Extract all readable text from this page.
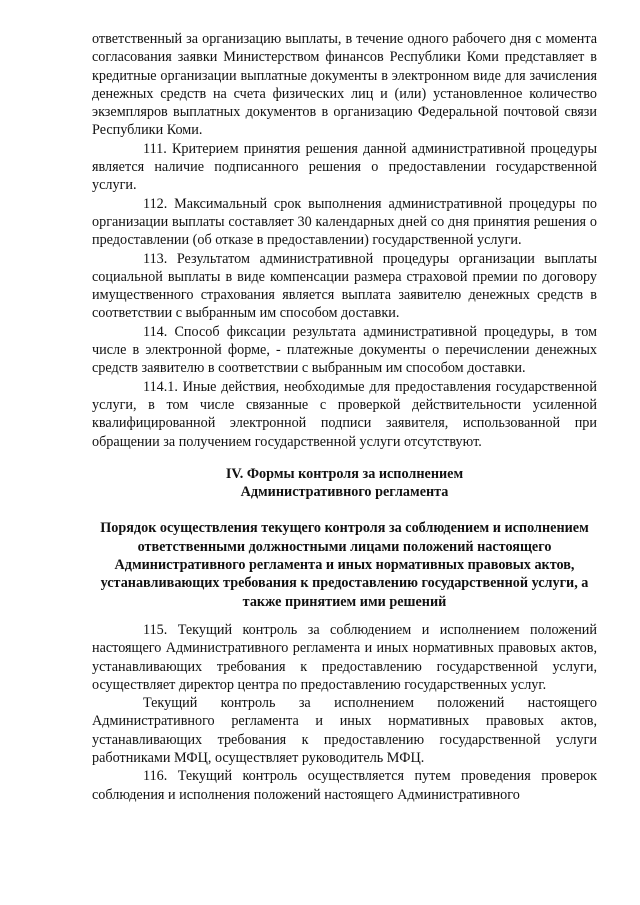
ответственный за организацию выплаты, в течение одного рабочего дня с момента согласования заявки Министерством финансов Республики Коми представляет в кредитные организации выплатные документы в электронном виде для зачисления денежных средств на счета физических лиц и (или) установленное количество экземпляров выплатных документов в организацию Федеральной почтовой связи Республики Коми.

111. Критерием принятия решения данной административной процедуры является наличие подписанного решения о предоставлении государственной услуги.

112. Максимальный срок выполнения административной процедуры по организации выплаты составляет 30 календарных дней со дня принятия решения о предоставлении (об отказе в предоставлении) государственной услуги.

113. Результатом административной процедуры организации выплаты социальной выплаты в виде компенсации размера страховой премии по договору имущественного страхования является выплата заявителю денежных средств в соответствии с выбранным им способом доставки.

114. Способ фиксации результата административной процедуры, в том числе в электронной форме, - платежные документы о перечислении денежных средств заявителю в соответствии с выбранным им способом доставки.

114.1. Иные действия, необходимые для предоставления государственной услуги, в том числе связанные с проверкой действительности усиленной квалифицированной электронной подписи заявителя, использованной при обращении за получением государственной услуги отсутствуют.

IV. Формы контроля за исполнением
Административного регламента
Порядок осуществления текущего контроля за соблюдением и исполнением ответственными должностными лицами положений настоящего Административного регламента и иных нормативных правовых актов, устанавливающих требования к предоставлению государственной услуги, а также принятием ими решений

115. Текущий контроль за соблюдением и исполнением положений настоящего Административного регламента и иных нормативных правовых актов, устанавливающих требования к предоставлению государственной услуги, осуществляет директор центра по предоставлению государственных услуг.

Текущий контроль за исполнением положений настоящего Административного регламента и иных нормативных правовых актов, устанавливающих требования к предоставлению государственной услуги работниками МФЦ, осуществляет руководитель МФЦ.

116. Текущий контроль осуществляется путем проведения проверок соблюдения и исполнения положений настоящего Административного
